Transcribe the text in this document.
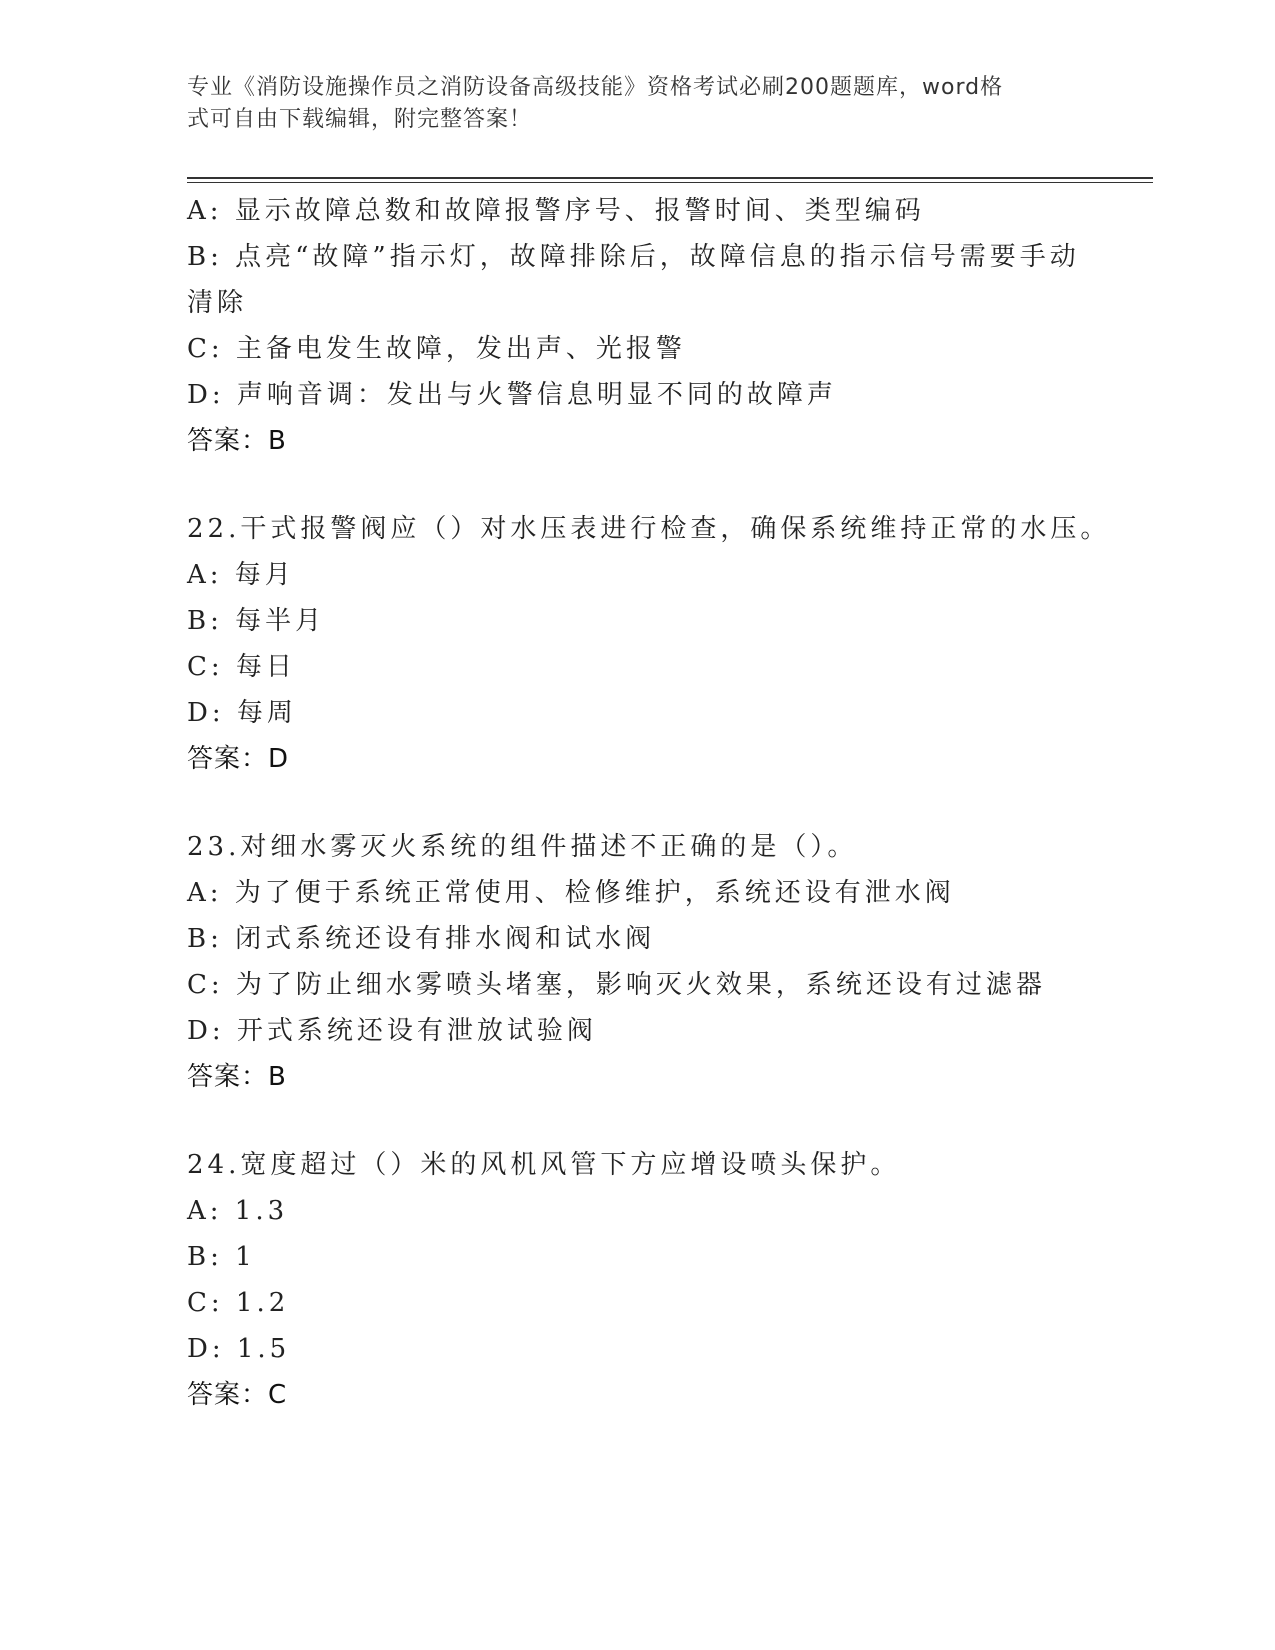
专业《消防设施操作员之消防设备高级技能》资格考试必刷200题题库，word格
式可自由下载编辑，附完整答案！
A: 显示故障总数和故障报警序号、报警时间、类型编码
B: 点亮“故障”指示灯，故障排除后，故障信息的指示信号需要手动
清除
C: 主备电发生故障，发出声、光报警
D: 声响音调：发出与火警信息明显不同的故障声
答案：B
22.干式报警阀应（）对水压表进行检查，确保系统维持正常的水压。
A: 每月
B: 每半月
C: 每日
D: 每周
答案：D
23.对细水雾灭火系统的组件描述不正确的是（）。
A: 为了便于系统正常使用、检修维护，系统还设有泄水阀
B: 闭式系统还设有排水阀和试水阀
C: 为了防止细水雾喷头堵塞，影响灭火效果，系统还设有过滤器
D: 开式系统还设有泄放试验阀
答案：B
24.宽度超过（）米的风机风管下方应增设喷头保护。
A: 1.3
B: 1
C: 1.2
D: 1.5
答案：C
